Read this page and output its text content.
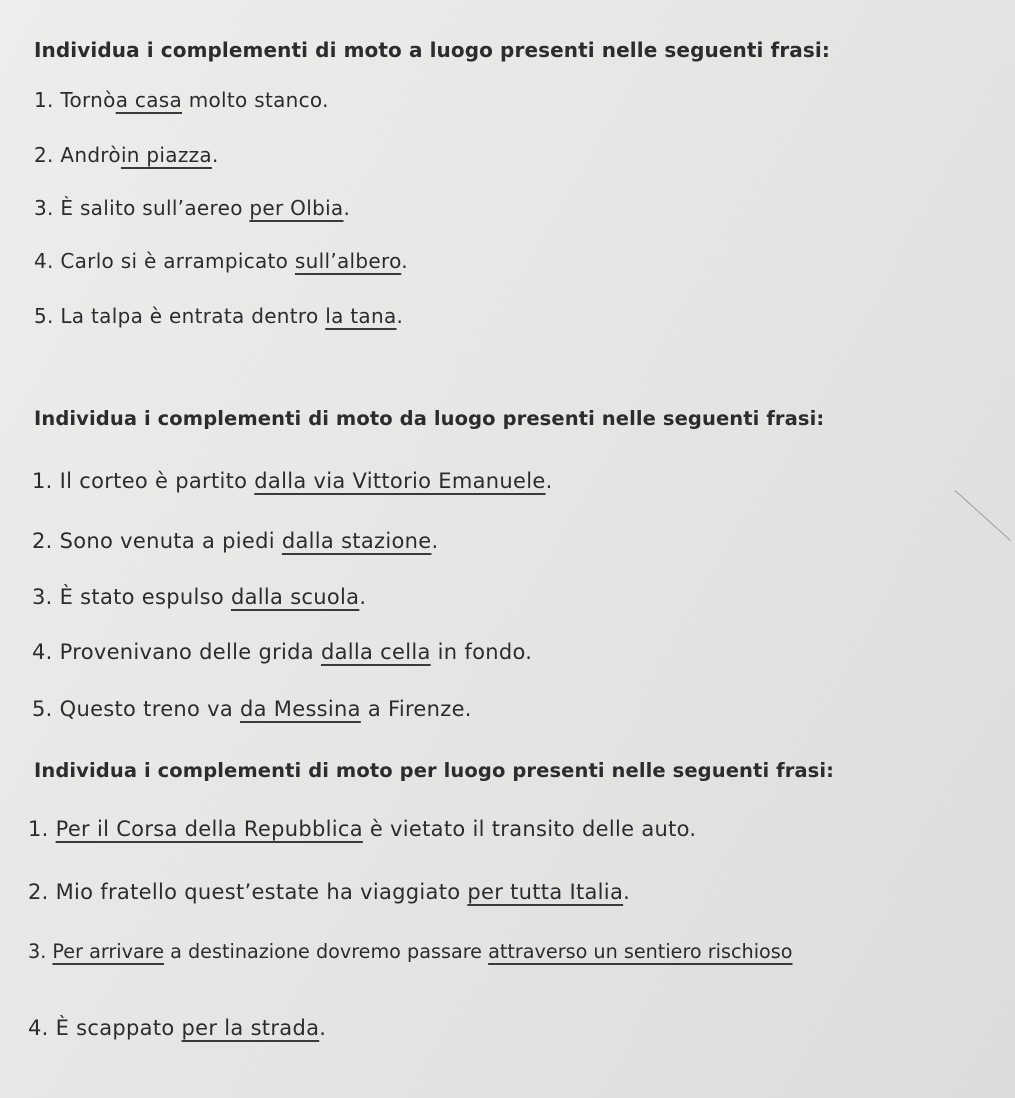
Individua i complementi di moto a luogo presenti nelle seguenti frasi:
1. Tornòa casa molto stanco.
2. Andròin piazza.
3. È salito sull’aereo per Olbia.
4. Carlo si è arrampicato sull’albero.
5. La talpa è entrata dentro la tana.
Individua i complementi di moto da luogo presenti nelle seguenti frasi:
1. Il corteo è partito dalla via Vittorio Emanuele.
2. Sono venuta a piedi dalla stazione.
3. È stato espulso dalla scuola.
4. Provenivano delle grida dalla cella in fondo.
5. Questo treno va da Messina a Firenze.
Individua i complementi di moto per luogo presenti nelle seguenti frasi:
1. Per il Corsa della Repubblica è vietato il transito delle auto.
2. Mio fratello quest’estate ha viaggiato per tutta Italia.
3. Per arrivare a destinazione dovremo passare attraverso un sentiero rischioso
4. È scappato per la strada.
